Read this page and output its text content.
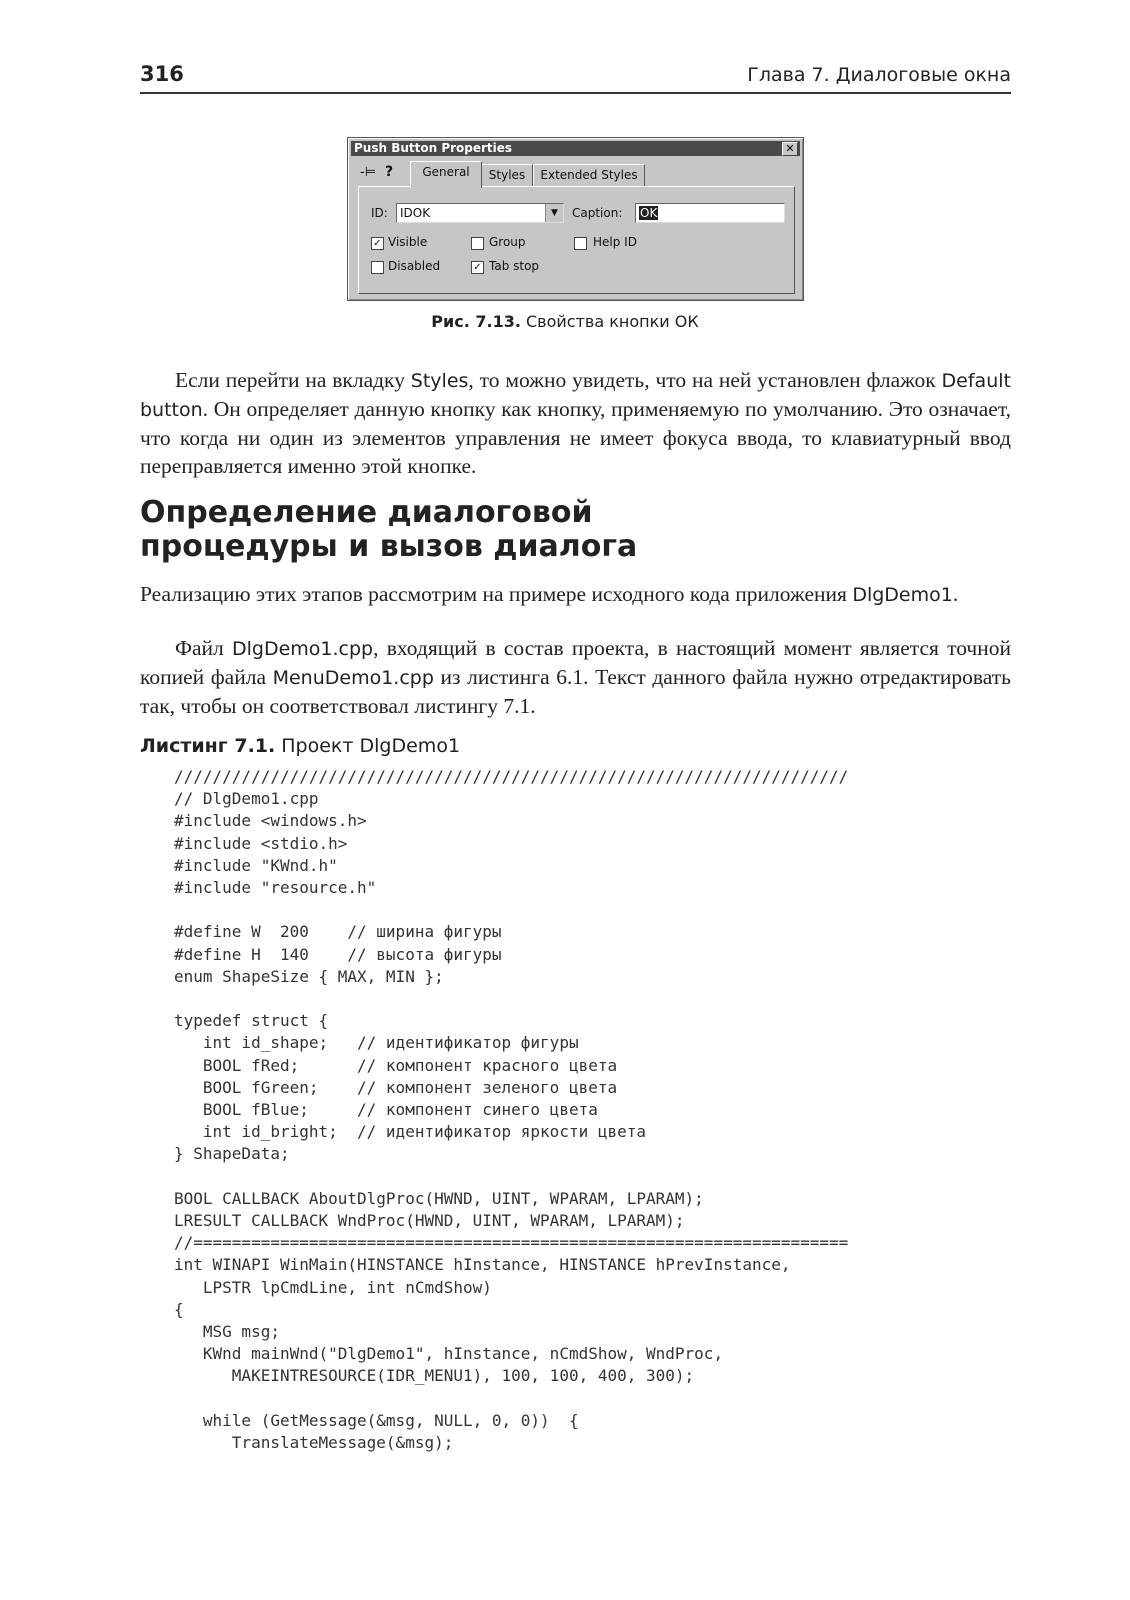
316	Глава 7. Диалоговые окна
Push Button Properties	✕
-⊨ ?	General	Styles	Extended Styles
ID:	IDOK	▼	Caption:	OK
✓ Visible	Group	Help ID
Disabled	✓ Tab stop
Рис. 7.13. Свойства кнопки ОК

Если перейти на вкладку Styles, то можно увидеть, что на ней установлен флажок Default button. Он определяет данную кнопку как кнопку, применяемую по умолчанию. Это означает, что когда ни один из элементов управления не имеет фокуса ввода, то клавиатурный ввод переправляется именно этой кнопке.

Определение диалоговой
процедуры и вызов диалога

Реализацию этих этапов рассмотрим на примере исходного кода приложения DlgDemo1.

Файл DlgDemo1.cpp, входящий в состав проекта, в настоящий момент является точной копией файла MenuDemo1.cpp из листинга 6.1. Текст данного файла нужно отредактировать так, чтобы он соответствовал листингу 7.1.

Листинг 7.1. Проект DlgDemo1
//////////////////////////////////////////////////////////////////////
// DlgDemo1.cpp
#include <windows.h>
#include <stdio.h>
#include "KWnd.h"
#include "resource.h"

#define W  200    // ширина фигуры
#define H  140    // высота фигуры
enum ShapeSize { MAX, MIN };

typedef struct {
int id_shape;   // идентификатор фигуры
BOOL fRed;      // компонент красного цвета
BOOL fGreen;    // компонент зеленого цвета
BOOL fBlue;     // компонент синего цвета
int id_bright;  // идентификатор яркости цвета
} ShapeData;

BOOL CALLBACK AboutDlgProc(HWND, UINT, WPARAM, LPARAM);
LRESULT CALLBACK WndProc(HWND, UINT, WPARAM, LPARAM);
//====================================================================
int WINAPI WinMain(HINSTANCE hInstance, HINSTANCE hPrevInstance,
LPSTR lpCmdLine, int nCmdShow)
{
MSG msg;
KWnd mainWnd("DlgDemo1", hInstance, nCmdShow, WndProc,
MAKEINTRESOURCE(IDR_MENU1), 100, 100, 400, 300);

while (GetMessage(&msg, NULL, 0, 0))  {
TranslateMessage(&msg);
